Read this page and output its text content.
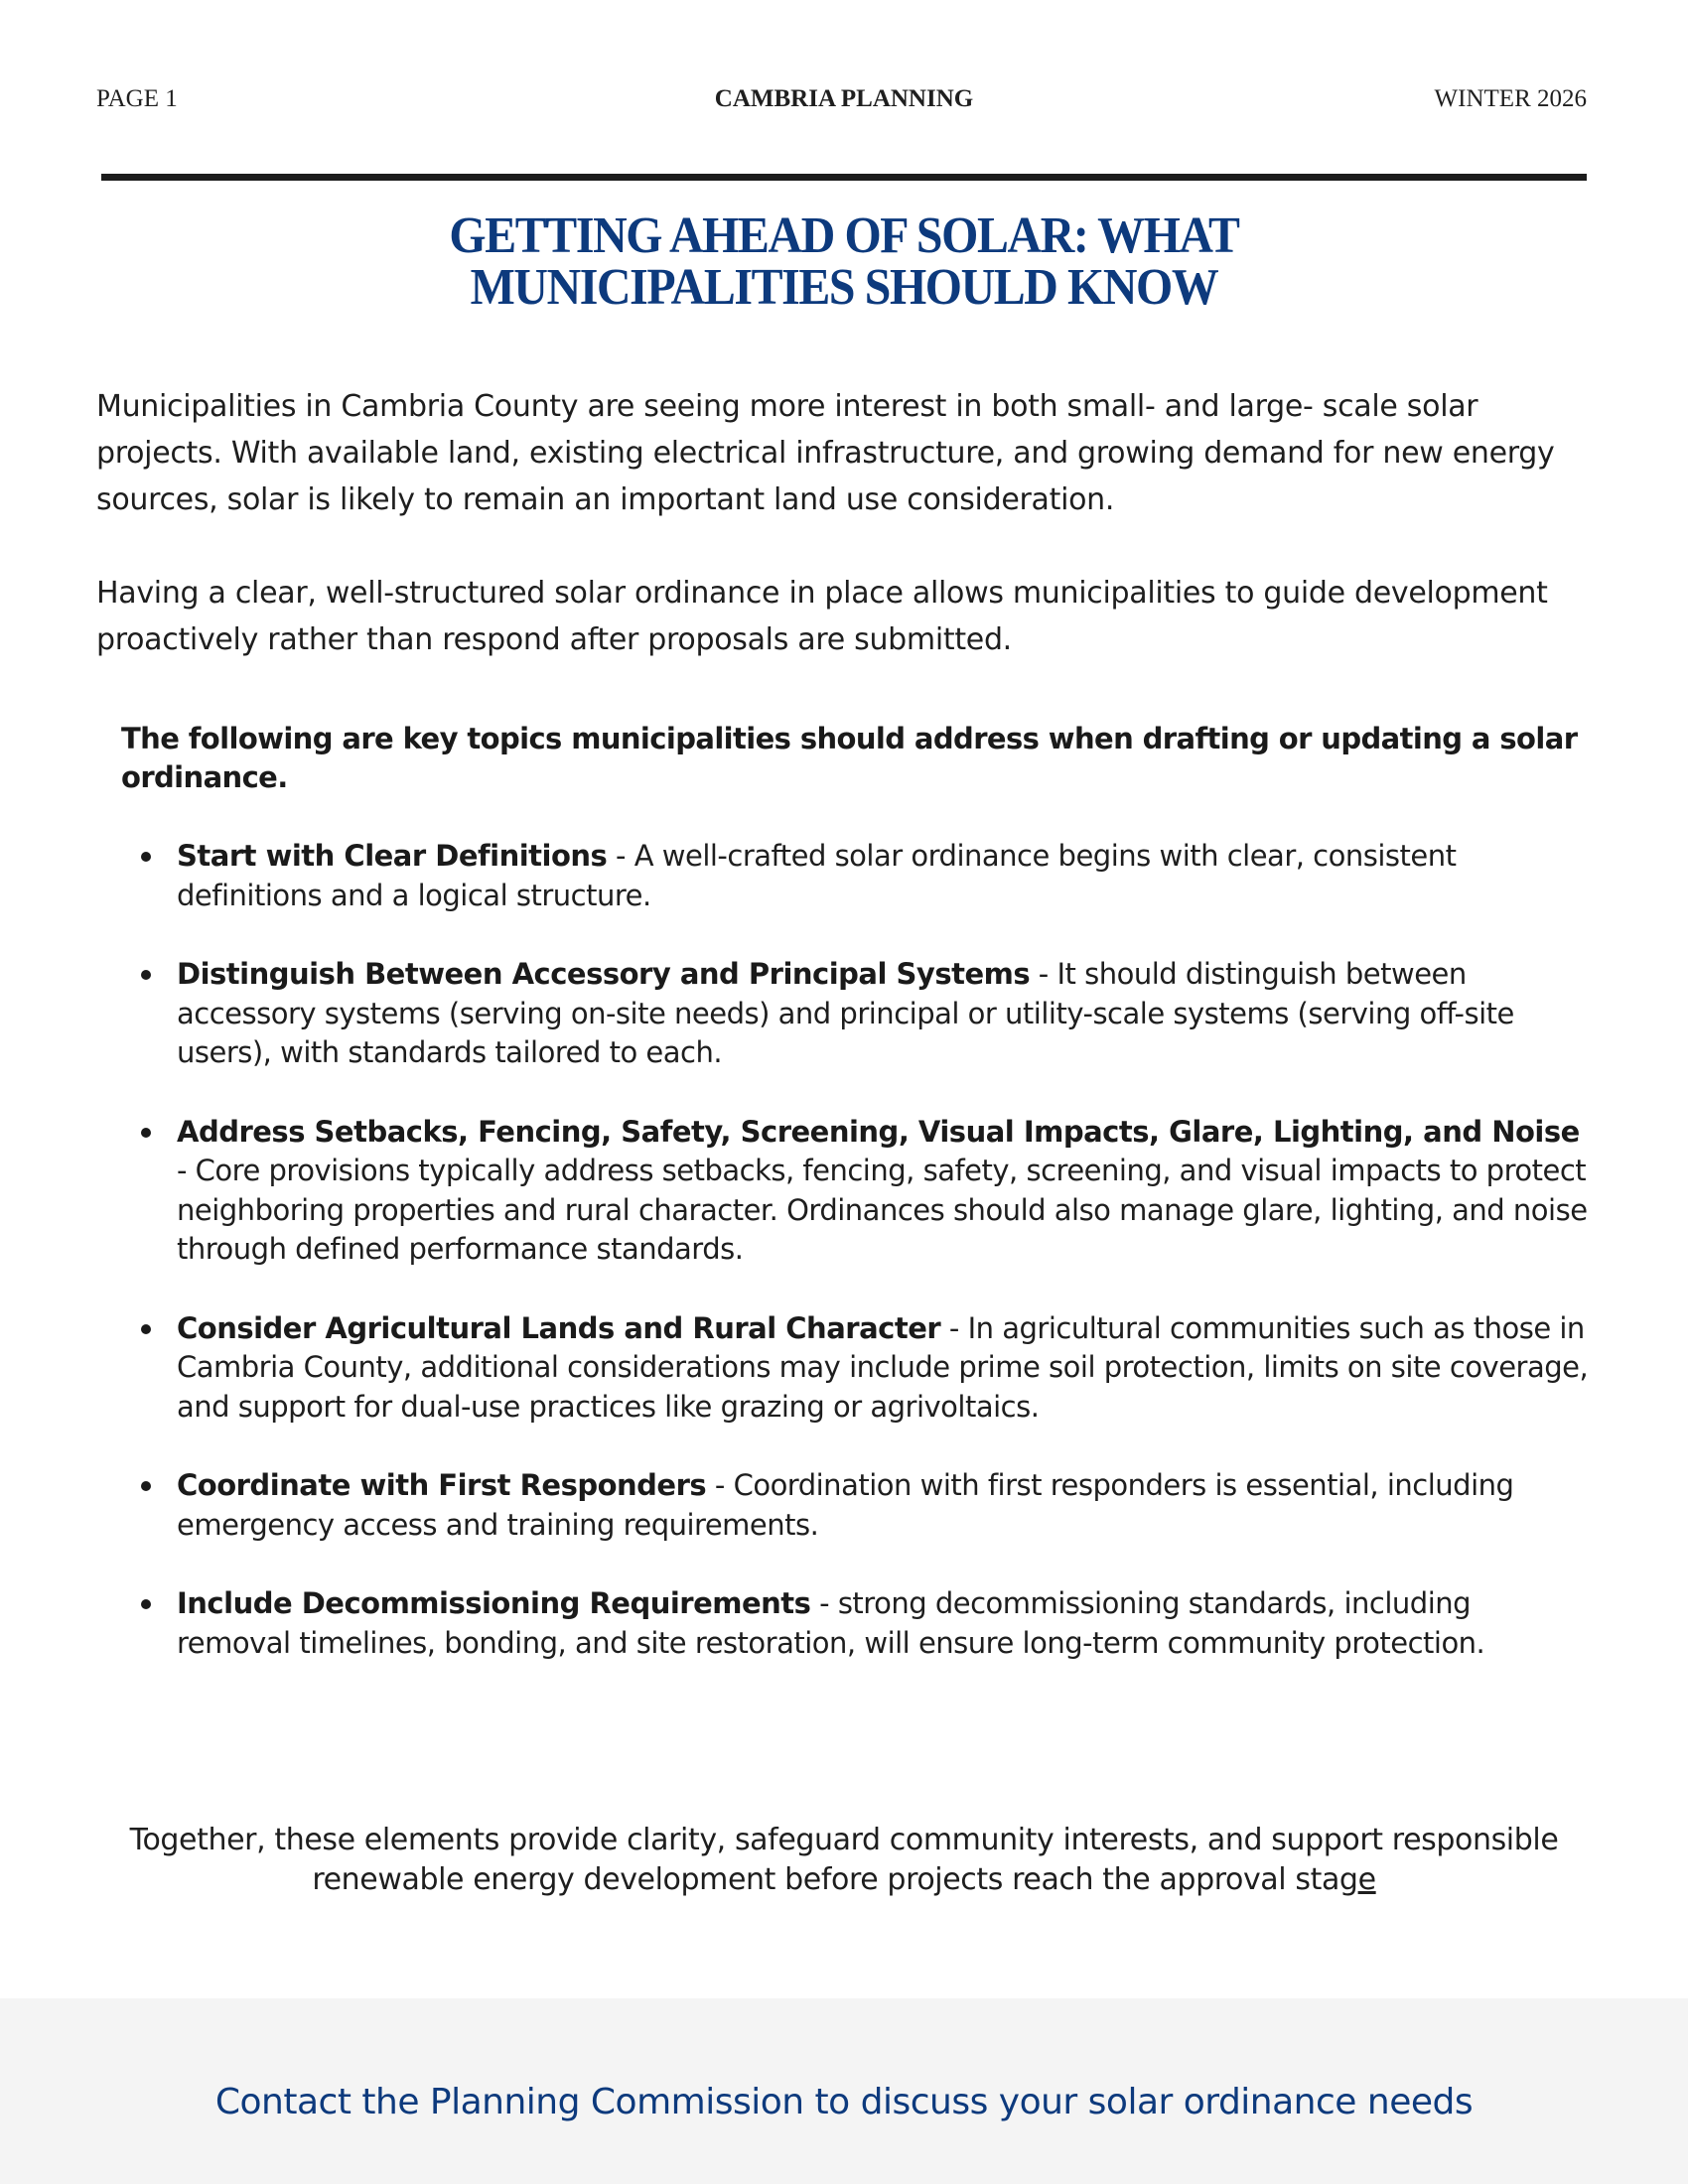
PAGE 1	CAMBRIA PLANNING	WINTER 2026
GETTING AHEAD OF SOLAR: WHAT
MUNICIPALITIES SHOULD KNOW
Municipalities in Cambria County are seeing more interest in both small- and large- scale solar projects. With available land, existing electrical infrastructure, and growing demand for new energy sources, solar is likely to remain an important land use consideration.
Having a clear, well-structured solar ordinance in place allows municipalities to guide development proactively rather than respond after proposals are submitted.
The following are key topics municipalities should address when drafting or updating a solar ordinance.
Start with Clear Definitions - A well-crafted solar ordinance begins with clear, consistent definitions and a logical structure.
Distinguish Between Accessory and Principal Systems - It should distinguish between accessory systems (serving on-site needs) and principal or utility-scale systems (serving off-site users), with standards tailored to each.
Address Setbacks, Fencing, Safety, Screening, Visual Impacts, Glare, Lighting, and Noise - Core provisions typically address setbacks, fencing, safety, screening, and visual impacts to protect neighboring properties and rural character. Ordinances should also manage glare, lighting, and noise through defined performance standards.
Consider Agricultural Lands and Rural Character - In agricultural communities such as those in Cambria County, additional considerations may include prime soil protection, limits on site coverage, and support for dual-use practices like grazing or agrivoltaics.
Coordinate with First Responders - Coordination with first responders is essential, including emergency access and training requirements.
Include Decommissioning Requirements - strong decommissioning standards, including removal timelines, bonding, and site restoration, will ensure long-term community protection.
Together, these elements provide clarity, safeguard community interests, and support responsible renewable energy development before projects reach the approval stage
Contact the Planning Commission to discuss your solar ordinance needs
